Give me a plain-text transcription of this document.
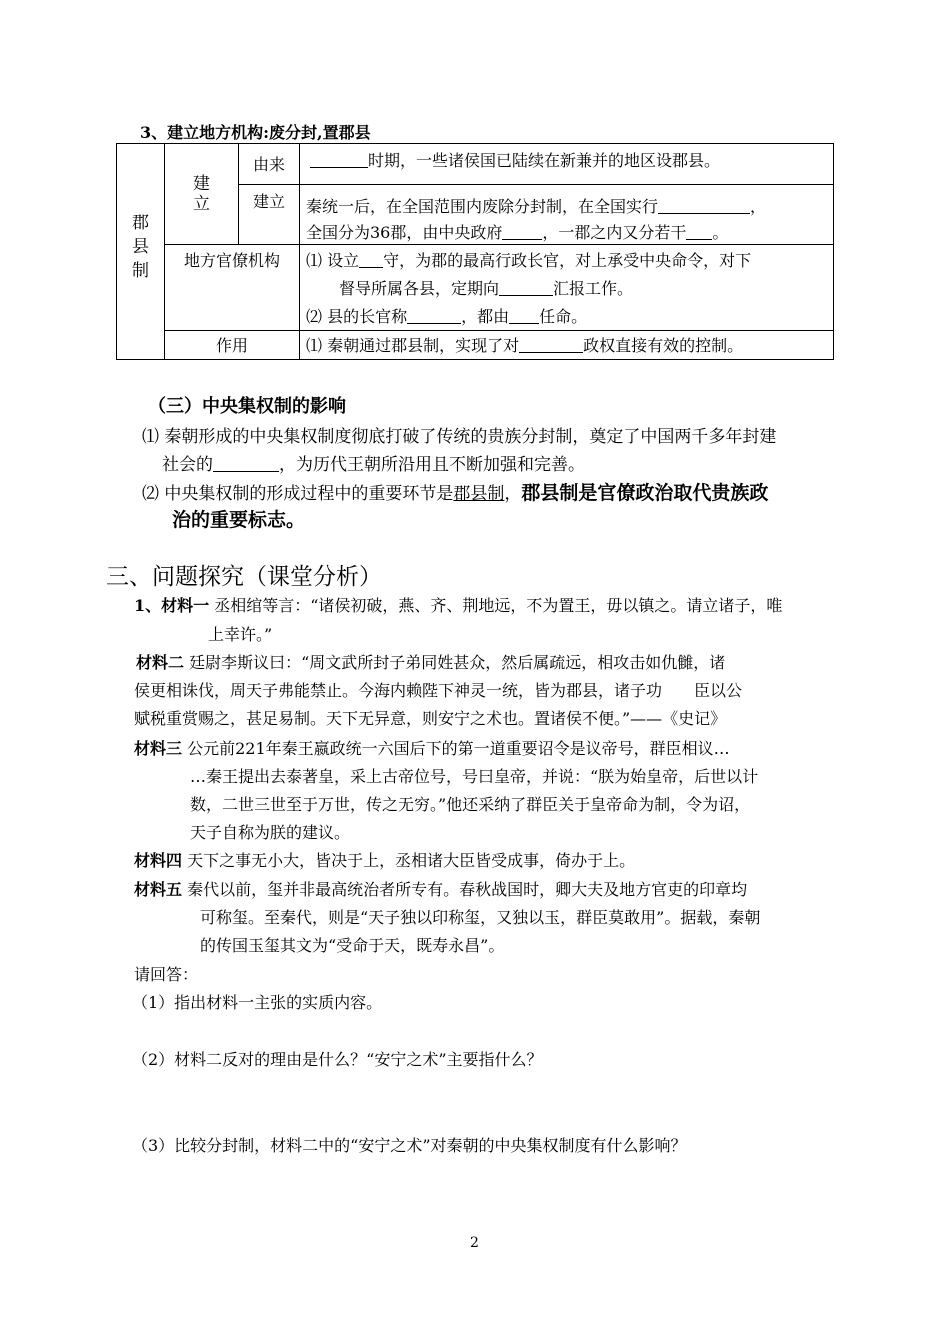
3、建立地方机构:废分封,置郡县
郡
县
制
建
立
由来	时期，一些诸侯国已陆续在新兼并的地区设郡县。
建立	秦统一后，在全国范围内废除分封制，在全国实行	，
全国分为36郡，由中央政府	，一郡之内又分若干 。
地方官僚机构	⑴ 设立 守，为郡的最高行政长官，对上承受中央命令，对下
督导所属各县，定期向	汇报工作。
⑵ 县的长官称	，都由 任命。
作用	⑴ 秦朝通过郡县制，实现了对	政权直接有效的控制。
（三）中央集权制的影响
⑴ 秦朝形成的中央集权制度彻底打破了传统的贵族分封制，奠定了中国两千多年封建
社会的	，为历代王朝所沿用且不断加强和完善。
⑵ 中央集权制的形成过程中的重要环节是郡县制，郡县制是官僚政治取代贵族政
治的重要标志。
三、问题探究（课堂分析）
1、材料一 丞相绾等言：“诸侯初破，燕、齐、荆地远，不为置王，毋以镇之。请立诸子，唯
上幸许。”
材料二 廷尉李斯议曰：“周文武所封子弟同姓甚众，然后属疏远，相攻击如仇雠，诸
侯更相诛伐，周天子弗能禁止。今海内赖陛下神灵一统，皆为郡县，诸子功　　臣以公
赋税重赏赐之，甚足易制。天下无异意，则安宁之术也。置诸侯不便。”——《史记》
材料三 公元前221年秦王嬴政统一六国后下的第一道重要诏令是议帝号，群臣相议…
…秦王提出去泰著皇，采上古帝位号，号曰皇帝，并说：“朕为始皇帝，后世以计
数，二世三世至于万世，传之无穷。”他还采纳了群臣关于皇帝命为制，令为诏，
天子自称为朕的建议。
材料四 天下之事无小大，皆决于上，丞相诸大臣皆受成事，倚办于上。
材料五 秦代以前，玺并非最高统治者所专有。春秋战国时，卿大夫及地方官吏的印章均
可称玺。至秦代，则是“天子独以印称玺，又独以玉，群臣莫敢用”。据载，秦朝
的传国玉玺其文为“受命于天，既寿永昌”。
请回答：
（1）指出材料一主张的实质内容。
（2）材料二反对的理由是什么？“安宁之术”主要指什么？
（3）比较分封制，材料二中的“安宁之术”对秦朝的中央集权制度有什么影响？
2
